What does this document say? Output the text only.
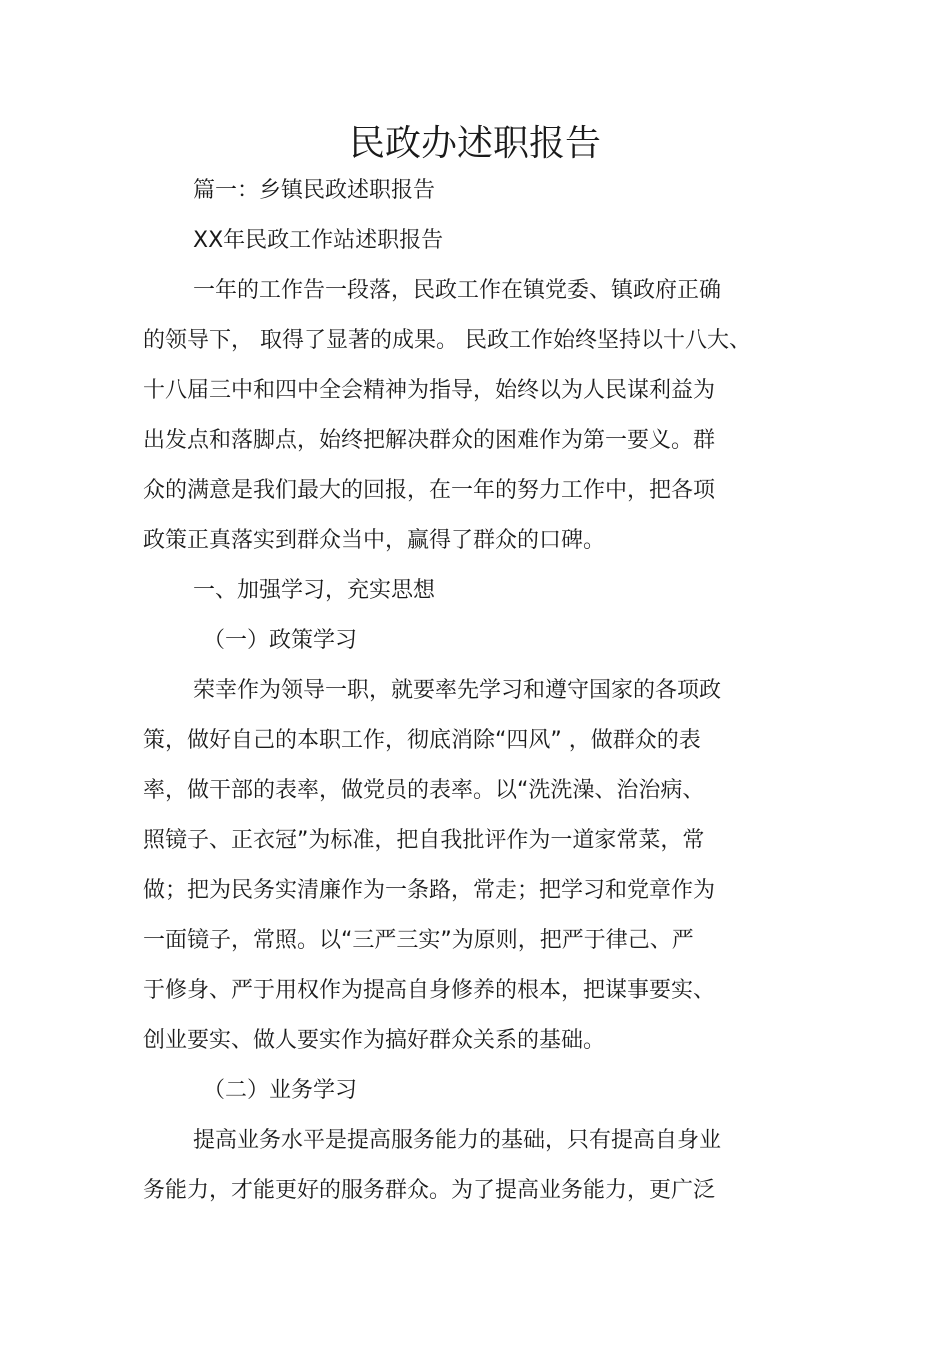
民政办述职报告

篇一：乡镇民政述职报告

XX年民政工作站述职报告

一年的工作告一段落，民政工作在镇党委、镇政府正确

的领导下， 取得了显著的成果。 民政工作始终坚持以十八大、

十八届三中和四中全会精神为指导，始终以为人民谋利益为

出发点和落脚点，始终把解决群众的困难作为第一要义。群

众的满意是我们最大的回报，在一年的努力工作中，把各项

政策正真落实到群众当中，赢得了群众的口碑。

一、加强学习，充实思想

（一）政策学习

荣幸作为领导一职，就要率先学习和遵守国家的各项政

策，做好自己的本职工作，彻底消除“四风” ，做群众的表

率，做干部的表率，做党员的表率。以“洗洗澡、治治病、

照镜子、正衣冠”为标准，把自我批评作为一道家常菜，常

做；把为民务实清廉作为一条路，常走；把学习和党章作为

一面镜子，常照。以“三严三实”为原则，把严于律己、严

于修身、严于用权作为提高自身修养的根本，把谋事要实、

创业要实、做人要实作为搞好群众关系的基础。

（二）业务学习

提高业务水平是提高服务能力的基础，只有提高自身业

务能力，才能更好的服务群众。为了提高业务能力，更广泛
